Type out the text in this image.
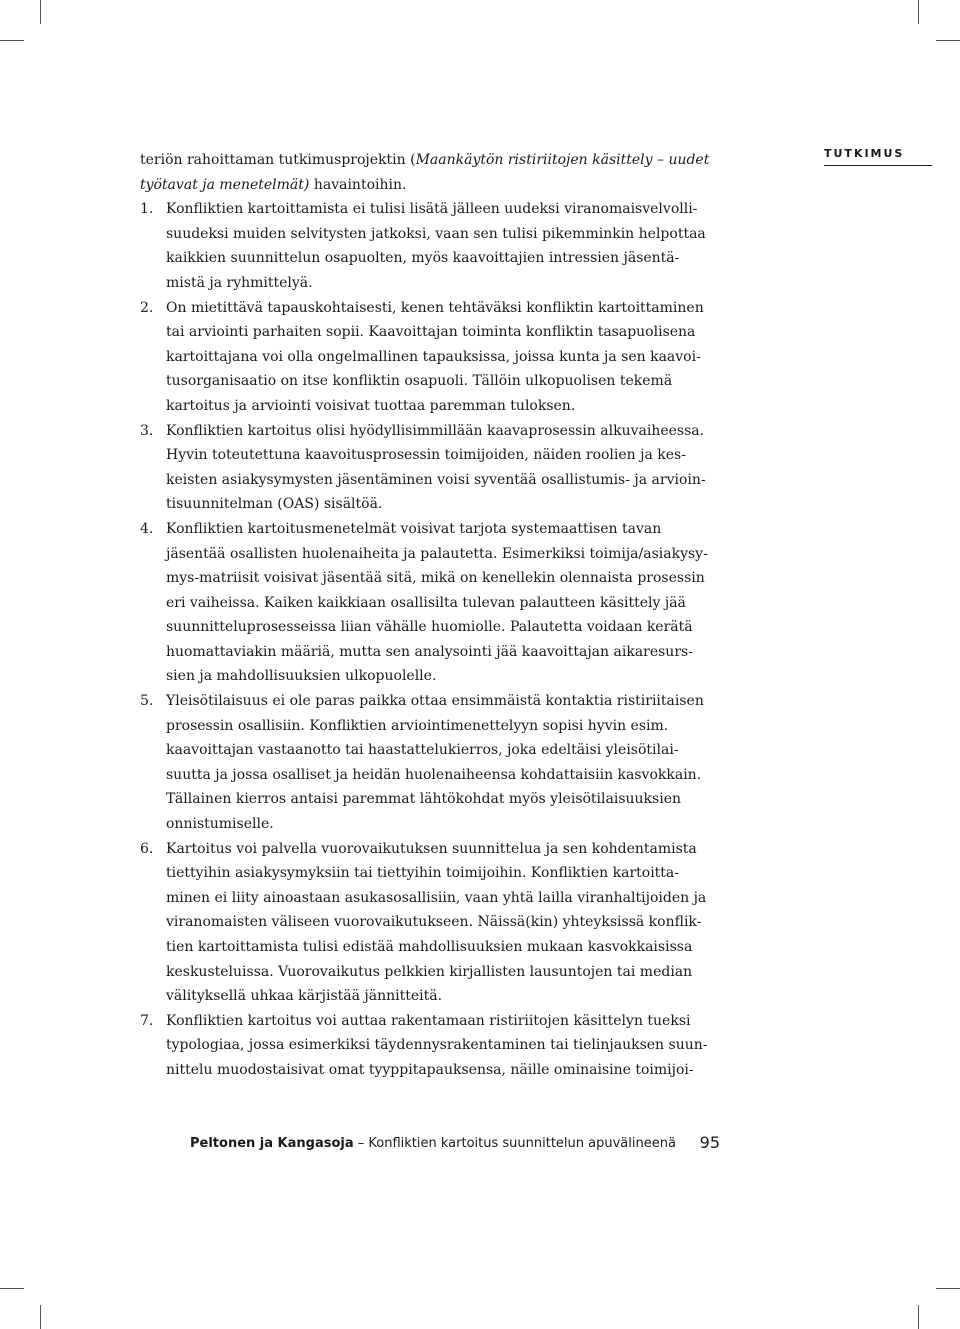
TUTKIMUS
teriön rahoittaman tutkimusprojektin (Maankäytön ristiriitojen käsittely – uudet
työtavat ja menetelmät) havaintoihin.
1. Konfliktien kartoittamista ei tulisi lisätä jälleen uudeksi viranomaisvelvolli-
suudeksi muiden selvitysten jatkoksi, vaan sen tulisi pikemminkin helpottaa
kaikkien suunnittelun osapuolten, myös kaavoittajien intressien jäsentä-
mistä ja ryhmittelyä.
2. On mietittävä tapauskohtaisesti, kenen tehtäväksi konfliktin kartoittaminen
tai arviointi parhaiten sopii. Kaavoittajan toiminta konfliktin tasapuolisena
kartoittajana voi olla ongelmallinen tapauksissa, joissa kunta ja sen kaavoi-
tusorganisaatio on itse konfliktin osapuoli. Tällöin ulkopuolisen tekemä
kartoitus ja arviointi voisivat tuottaa paremman tuloksen.
3. Konfliktien kartoitus olisi hyödyllisimmillään kaavaprosessin alkuvaiheessa.
Hyvin toteutettuna kaavoitusprosessin toimijoiden, näiden roolien ja kes-
keisten asiakysymysten jäsentäminen voisi syventää osallistumis- ja arvioin-
tisuunnitelman (OAS) sisältöä.
4. Konfliktien kartoitusmenetelmät voisivat tarjota systemaattisen tavan
jäsentää osallisten huolenaiheita ja palautetta. Esimerkiksi toimija/asiakysy-
mys-matriisit voisivat jäsentää sitä, mikä on kenellekin olennaista prosessin
eri vaiheissa. Kaiken kaikkiaan osallisilta tulevan palautteen käsittely jää
suunnitteluprosesseissa liian vähälle huomiolle. Palautetta voidaan kerätä
huomattaviakin määriä, mutta sen analysointi jää kaavoittajan aikaresurs-
sien ja mahdollisuuksien ulkopuolelle.
5. Yleisötilaisuus ei ole paras paikka ottaa ensimmäistä kontaktia ristiriitaisen
prosessin osallisiin. Konfliktien arviointimenettelyyn sopisi hyvin esim.
kaavoittajan vastaanotto tai haastattelukierros, joka edeltäisi yleisötilai-
suutta ja jossa osalliset ja heidän huolenaiheensa kohdattaisiin kasvokkain.
Tällainen kierros antaisi paremmat lähtökohdat myös yleisötilaisuuksien
onnistumiselle.
6. Kartoitus voi palvella vuorovaikutuksen suunnittelua ja sen kohdentamista
tiettyihin asiakysymyksiin tai tiettyihin toimijoihin. Konfliktien kartoitta-
minen ei liity ainoastaan asukasosallisiin, vaan yhtä lailla viranhaltijoiden ja
viranomaisten väliseen vuorovaikutukseen. Näissä(kin) yhteyksissä konflik-
tien kartoittamista tulisi edistää mahdollisuuksien mukaan kasvokkaisissa
keskusteluissa. Vuorovaikutus pelkkien kirjallisten lausuntojen tai median
välityksellä uhkaa kärjistää jännitteitä.
7. Konfliktien kartoitus voi auttaa rakentamaan ristiriitojen käsittelyn tueksi
typologiaa, jossa esimerkiksi täydennysrakentaminen tai tielinjauksen suun-
nittelu muodostaisivat omat tyyppitapauksensa, näille ominaisine toimijoi-
Peltonen ja Kangasoja – Konfliktien kartoitus suunnittelun apuvälineenä 95
